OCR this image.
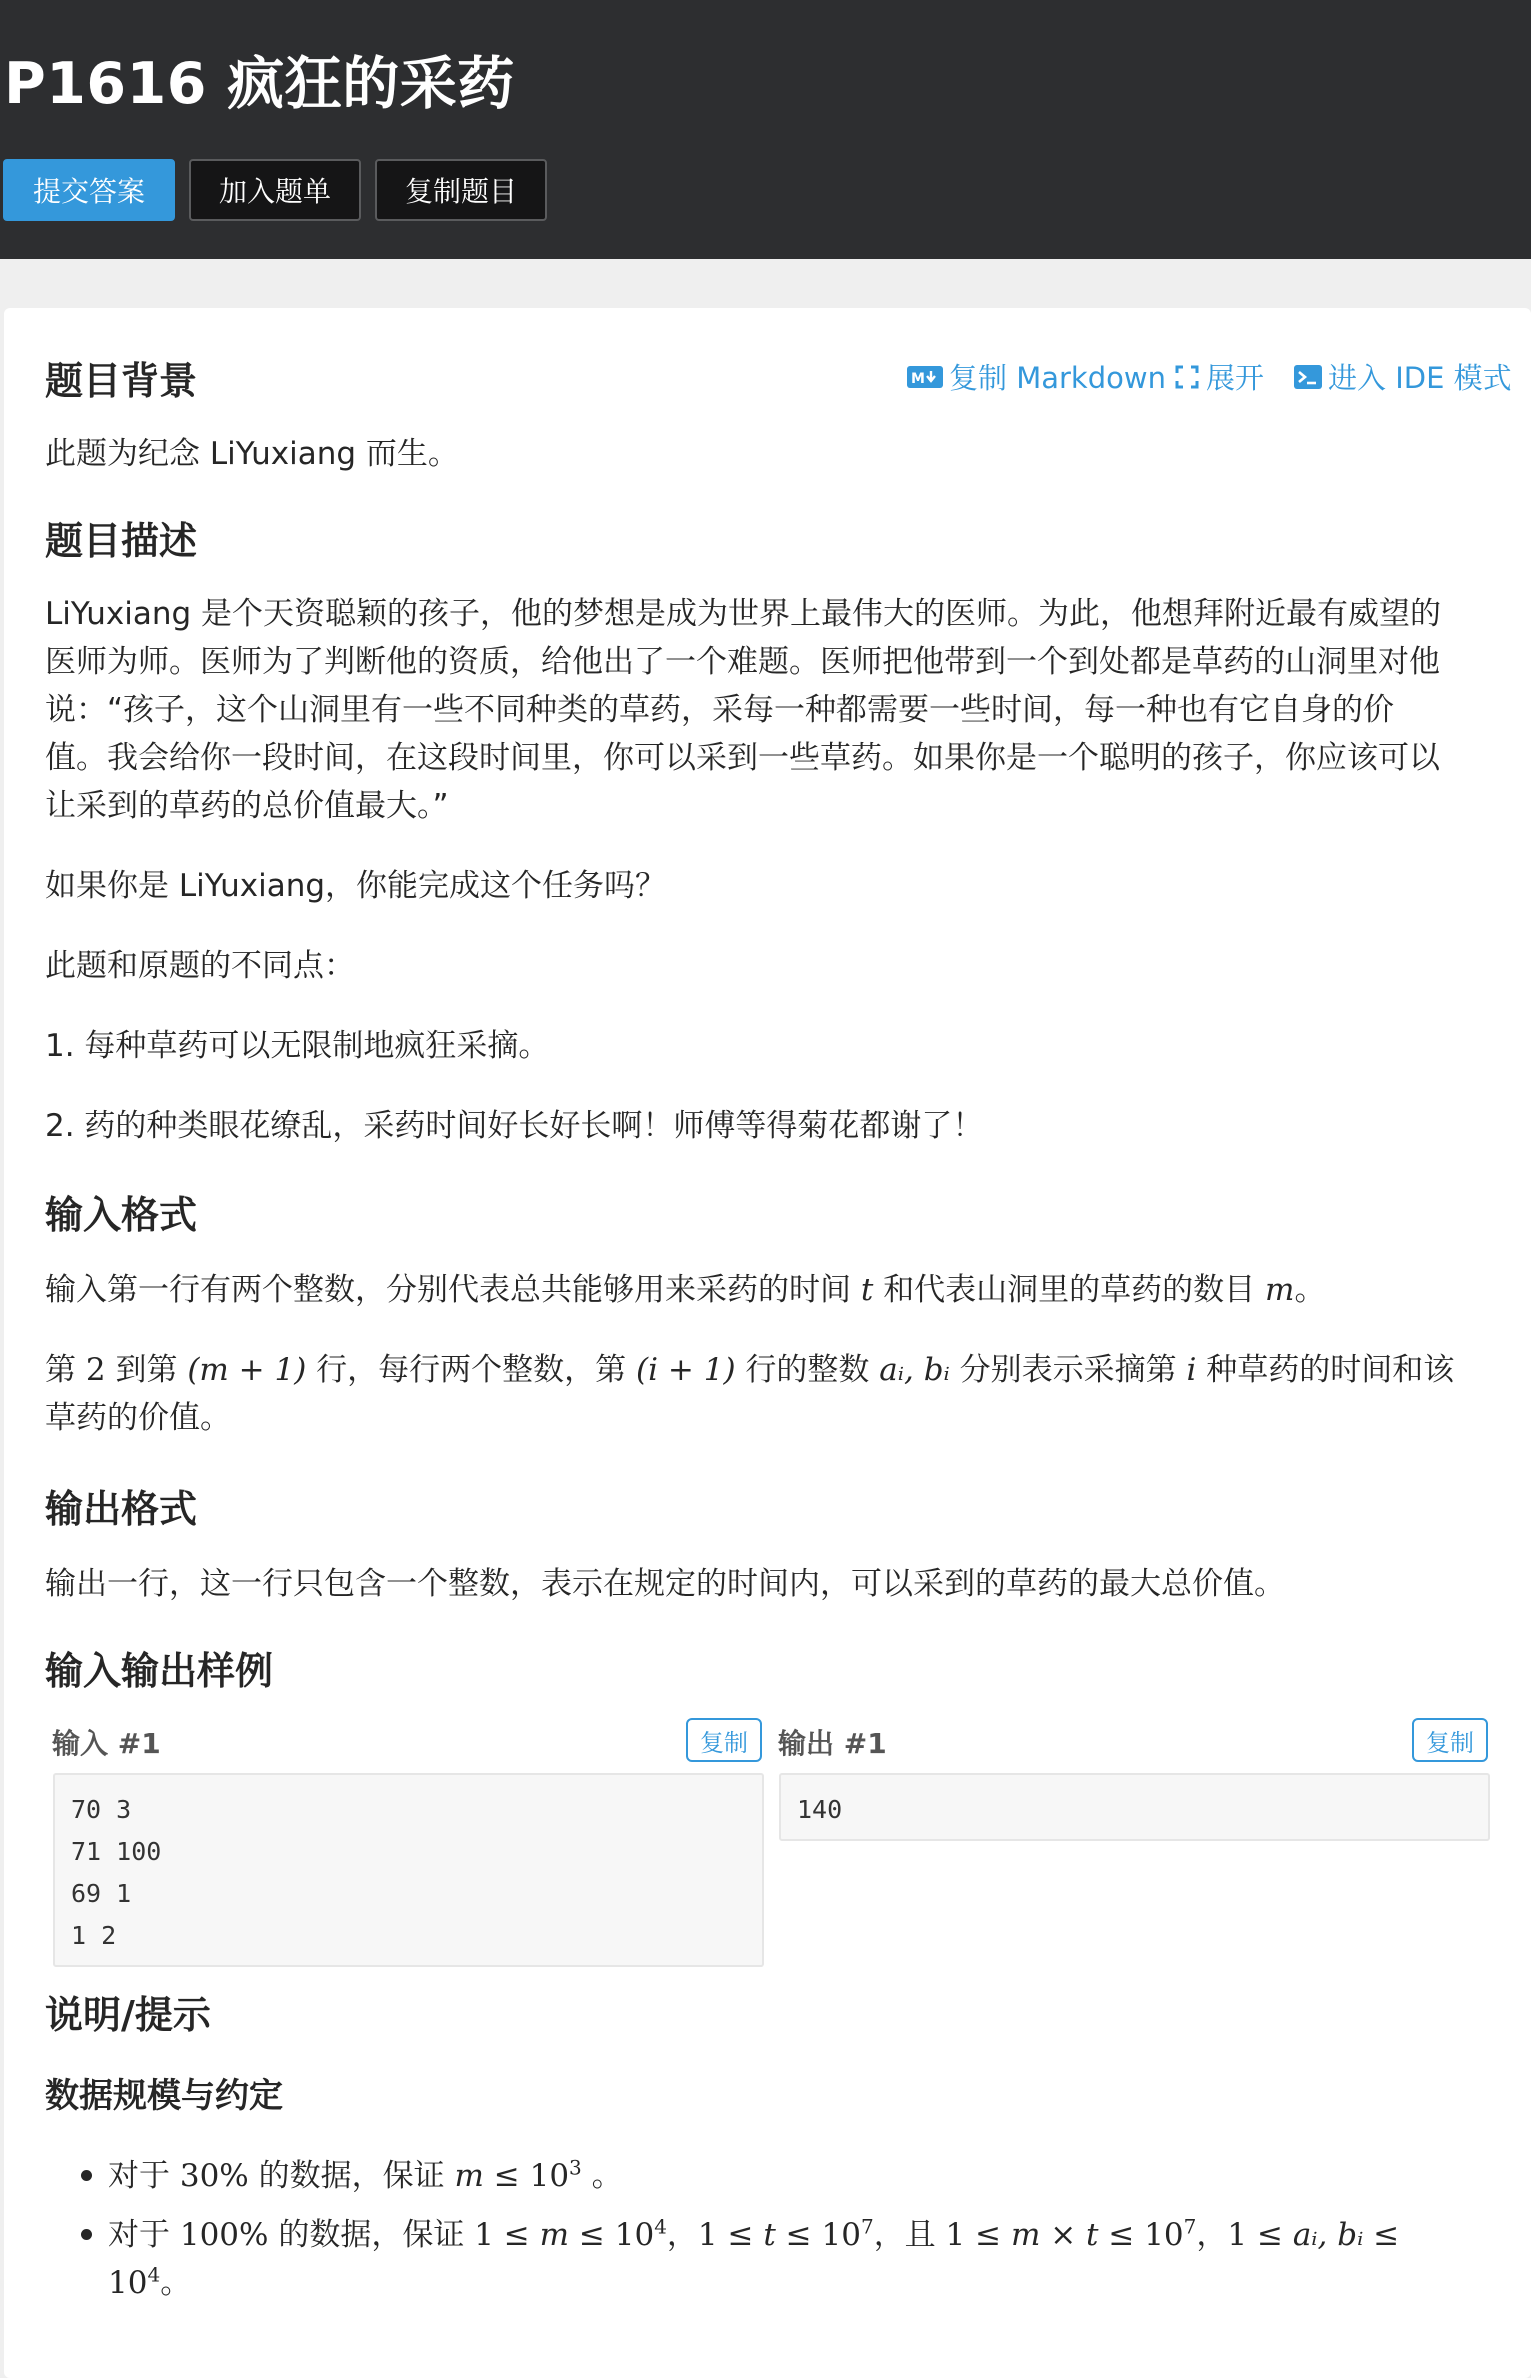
P1616 疯狂的采药
提交答案	加入题单	复制题目
M 复制 Markdown 展开 进入 IDE 模式
题目背景
此题为纪念 LiYuxiang 而生。
题目描述
LiYuxiang 是个天资聪颖的孩子，他的梦想是成为世界上最伟大的医师。为此，他想拜附近最有威望的
医师为师。医师为了判断他的资质，给他出了一个难题。医师把他带到一个到处都是草药的山洞里对他
说：“孩子，这个山洞里有一些不同种类的草药，采每一种都需要一些时间，每一种也有它自身的价
值。我会给你一段时间，在这段时间里，你可以采到一些草药。如果你是一个聪明的孩子，你应该可以
让采到的草药的总价值最大。”
如果你是 LiYuxiang，你能完成这个任务吗？
此题和原题的不同点：
1. 每种草药可以无限制地疯狂采摘。
2. 药的种类眼花缭乱，采药时间好长好长啊！师傅等得菊花都谢了！
输入格式
输入第一行有两个整数，分别代表总共能够用来采药的时间 t 和代表山洞里的草药的数目 m。
第 2 到第 (m + 1) 行，每行两个整数，第 (i + 1) 行的整数 aᵢ, bᵢ 分别表示采摘第 i 种草药的时间和该
草药的价值。
输出格式
输出一行，这一行只包含一个整数，表示在规定的时间内，可以采到的草药的最大总价值。
输入输出样例
输入 #1	复制	输出 #1	复制
70 3
71 100
69 1
1 2
140
说明/提示
数据规模与约定
对于 30% 的数据，保证 $m \le 10^3$ 。
对于 100% 的数据，保证 $1 \le m \le 10^4$，$1 \le t \le 10^7$，且 $1 \le m \times t \le 10^7$，1 ≤ aᵢ, bᵢ ≤
$10^4$。
